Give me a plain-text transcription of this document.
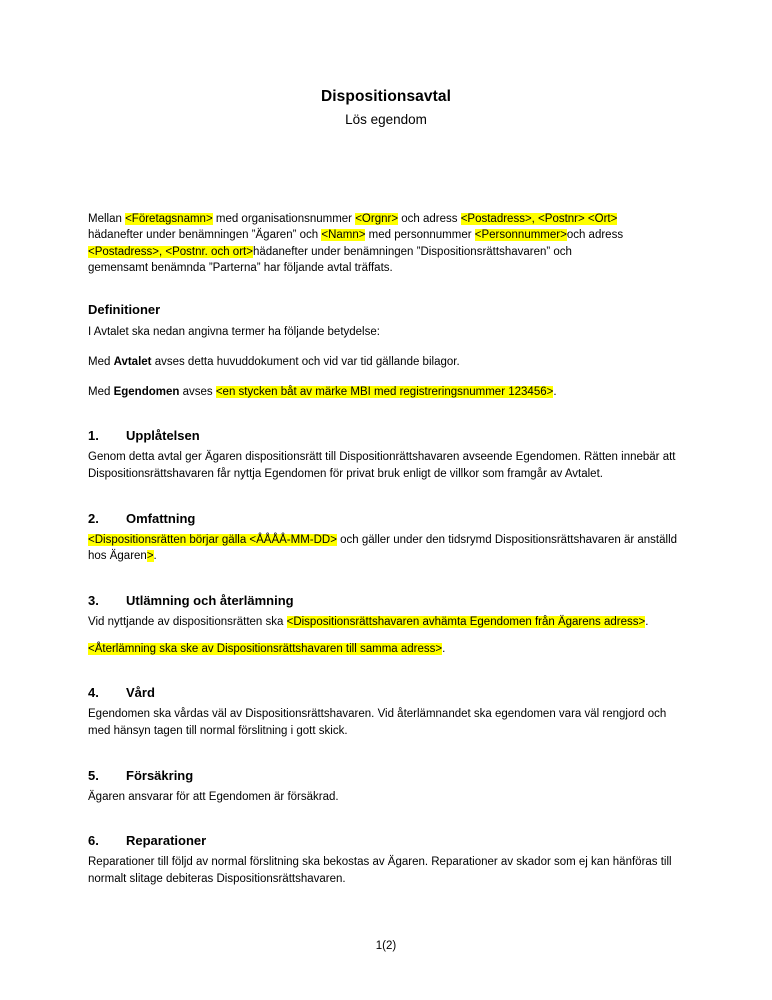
Dispositionsavtal
Lös egendom
Mellan <Företagsnamn> med organisationsnummer <Orgnr> och adress <Postadress>, <Postnr> <Ort>
hädanefter under benämningen ”Ägaren” och <Namn> med personnummer <Personnummer>och adress
<Postadress>, <Postnr. och ort>hädanefter under benämningen ”Dispositionsrättshavaren” och
gemensamt benämnda ”Parterna” har följande avtal träffats.
Definitioner
I Avtalet ska nedan angivna termer ha följande betydelse:
Med Avtalet avses detta huvuddokument och vid var tid gällande bilagor.
Med Egendomen avses <en stycken båt av märke MBI med registreringsnummer 123456>.
1.	Upplåtelsen
Genom detta avtal ger Ägaren dispositionsrätt till Dispositionrättshavaren avseende Egendomen. Rätten innebär att Dispositionsrättshavaren får nyttja Egendomen för privat bruk enligt de villkor som framgår av Avtalet.
2.	Omfattning
<Dispositionsrätten börjar gälla <ÅÅÅÅ-MM-DD> och gäller under den tidsrymd Dispositionsrättshavaren är anställd hos Ägaren>.
3.	Utlämning och återlämning
Vid nyttjande av dispositionsrätten ska <Dispositionsrättshavaren avhämta Egendomen från Ägarens adress>.
<Återlämning ska ske av Dispositionsrättshavaren till samma adress>.
4.	Vård
Egendomen ska vårdas väl av Dispositionsrättshavaren. Vid återlämnandet ska egendomen vara väl rengjord och med hänsyn tagen till normal förslitning i gott skick.
5.	Försäkring
Ägaren ansvarar för att Egendomen är försäkrad.
6.	Reparationer
Reparationer till följd av normal förslitning ska bekostas av Ägaren. Reparationer av skador som ej kan hänföras till normalt slitage debiteras Dispositionsrättshavaren.
1(2)
